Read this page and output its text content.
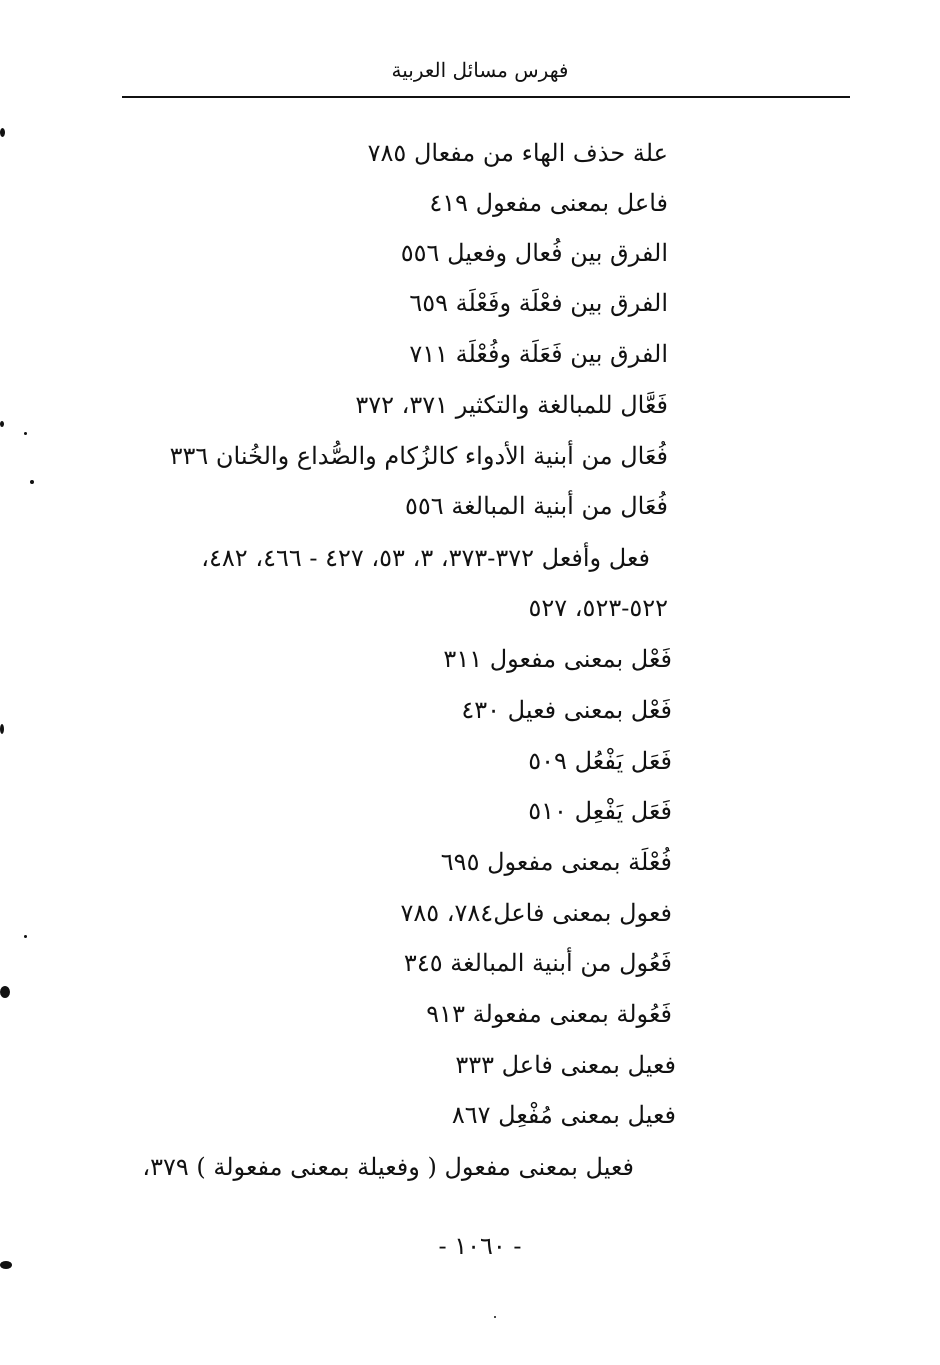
فهرس مسائل العربية
علة حذف الهاء من مفعال ٧٨٥
فاعل بمعنى مفعول ٤١٩
الفرق بين فُعال وفعيل ٥٥٦
الفرق بين فعْلَة وفَعْلَة ٦٥٩
الفرق بين فَعَلَة وفُعْلَة ٧١١
فَعَّال للمبالغة والتكثير ٣٧١، ٣٧٢
فُعَال من أبنية الأدواء كالزُكام والصُّداع والخُنان ٣٣٦
فُعَال من أبنية المبالغة ٥٥٦
فعل وأفعل ٣٧٢-٣٧٣، ٣، ٥٣، ٤٢٧ - ٤٦٦، ٤٨٢،
٥٢٢-٥٢٣، ٥٢٧
فَعْل بمعنى مفعول ٣١١
فَعْل بمعنى فعيل ٤٣٠
فَعَل يَفْعُل ٥٠٩
فَعَل يَفْعِل ٥١٠
فُعْلَة بمعنى مفعول ٦٩٥
فعول بمعنى فاعل٧٨٤، ٧٨٥
فَعُول من أبنية المبالغة ٣٤٥
فَعُولة بمعنى مفعولة ٩١٣
فعيل بمعنى فاعل ٣٣٣
فعيل بمعنى مُفْعِل ٨٦٧
فعيل بمعنى مفعول ( وفعيلة بمعنى مفعولة ) ٣٧٩،
- ١٠٦٠ -
